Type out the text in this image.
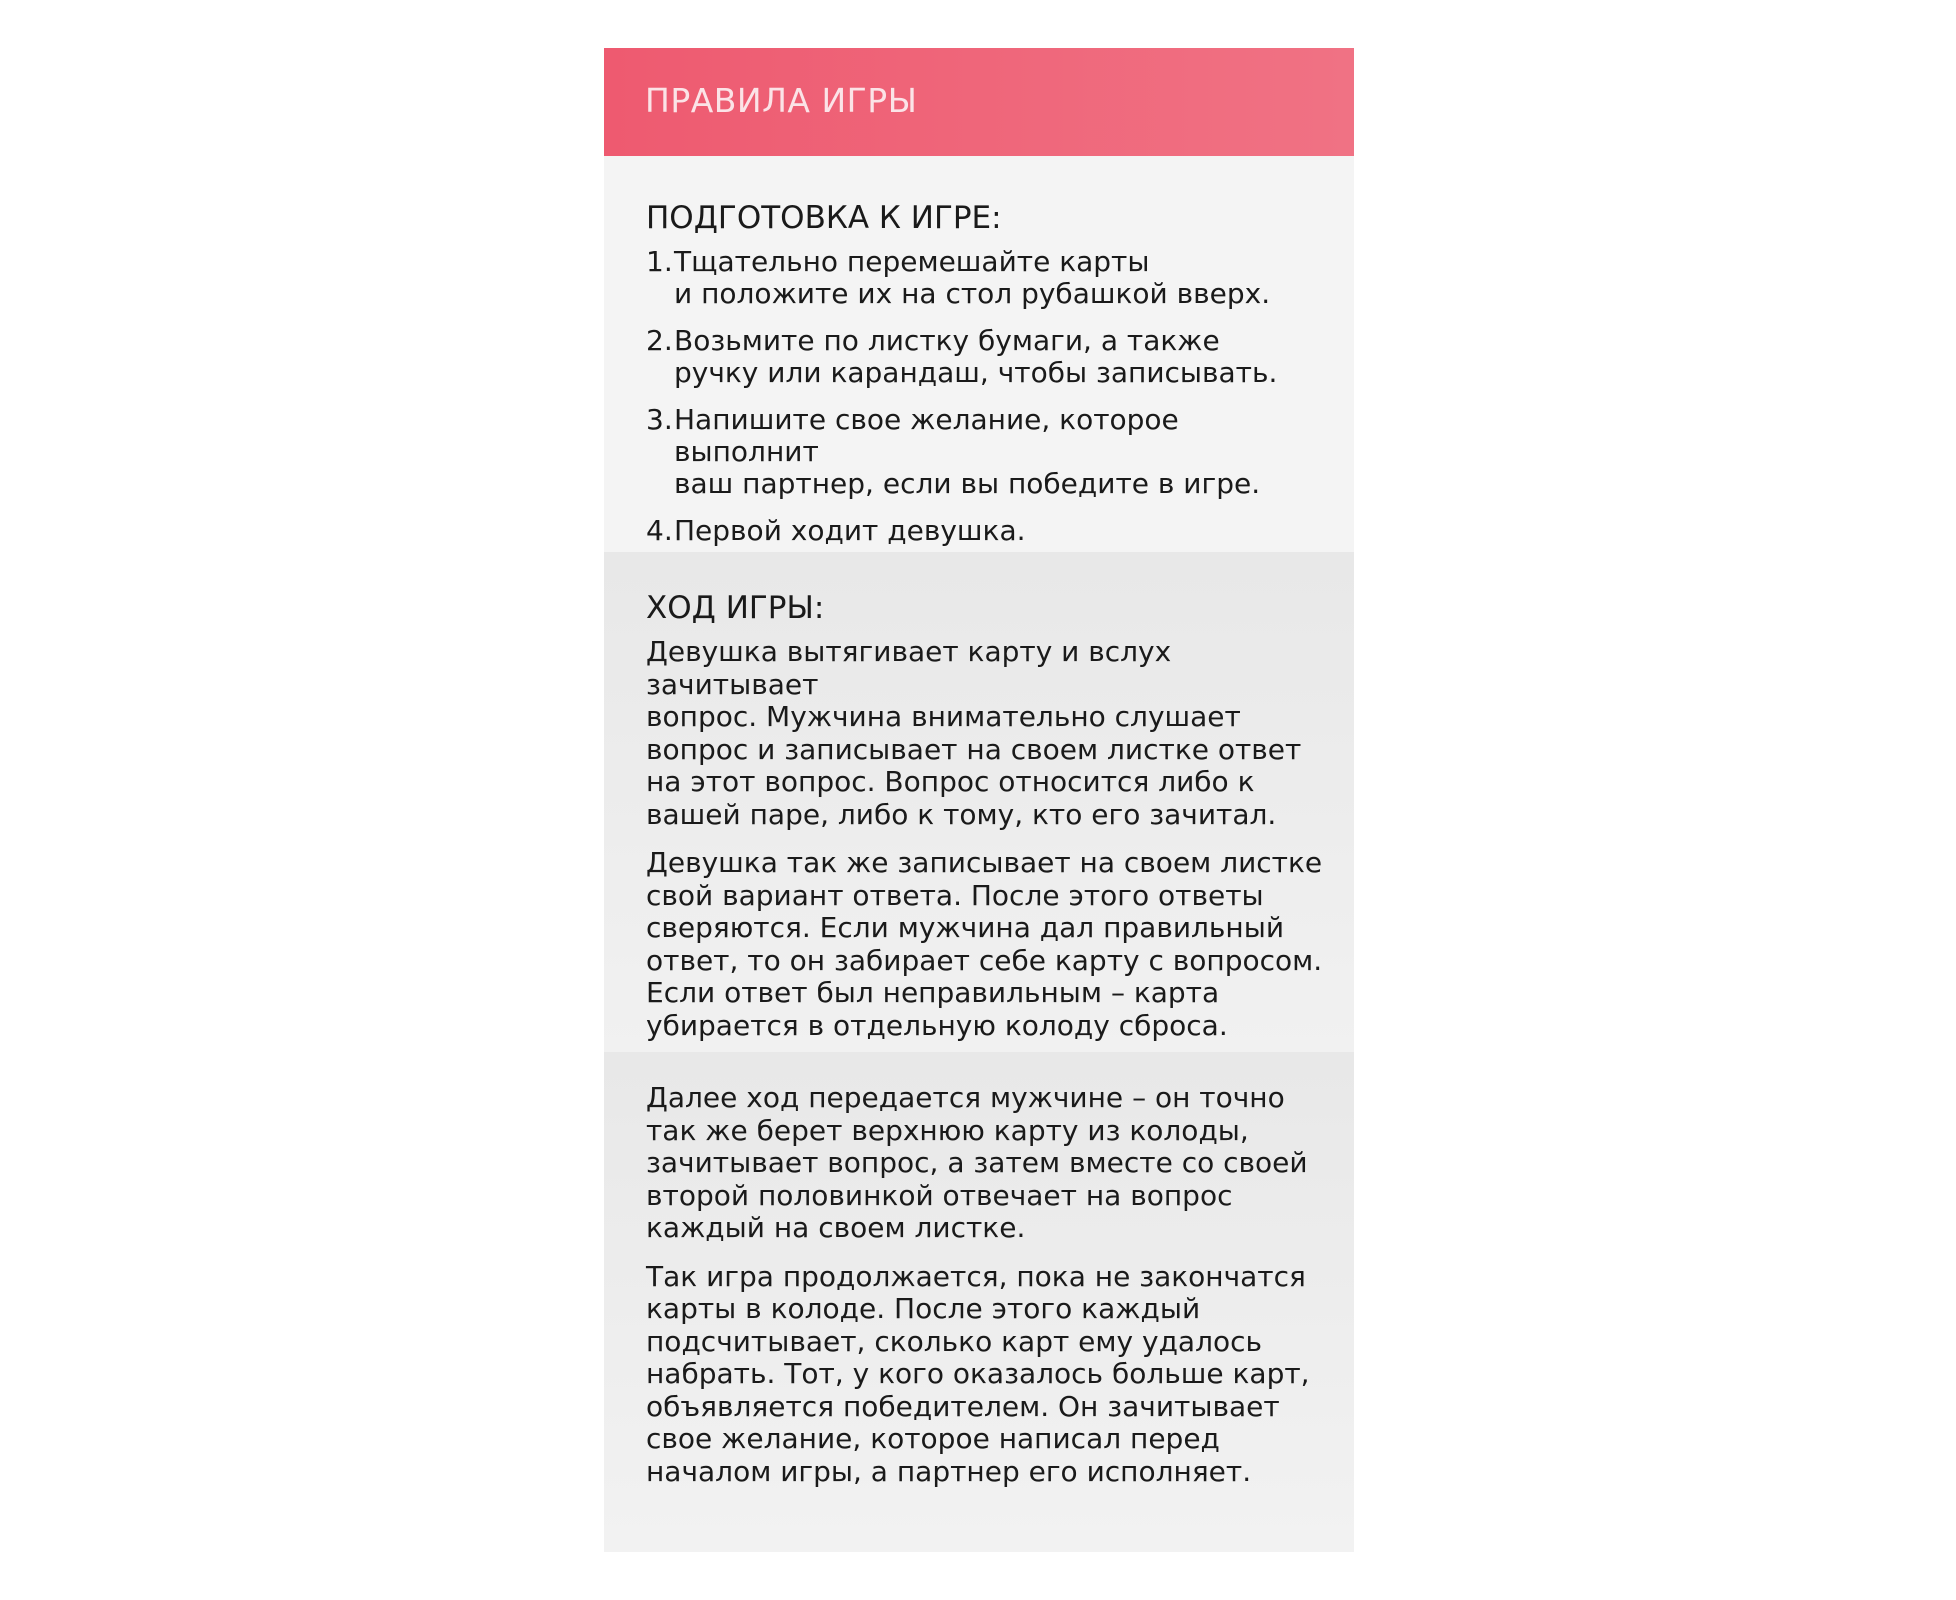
ПРАВИЛА ИГРЫ
ПОДГОТОВКА К ИГРЕ:
1. Тщательно перемешайте карты
и положите их на стол рубашкой вверх.
2. Возьмите по листку бумаги, а также
ручку или карандаш, чтобы записывать.
3. Напишите свое желание, которое выполнит
ваш партнер, если вы победите в игре.
4. Первой ходит девушка.
ХОД ИГРЫ:

Девушка вытягивает карту и вслух зачитывает
вопрос. Мужчина внимательно слушает
вопрос и записывает на своем листке ответ
на этот вопрос. Вопрос относится либо к
вашей паре, либо к тому, кто его зачитал.

Девушка так же записывает на своем листке
свой вариант ответа. После этого ответы
сверяются. Если мужчина дал правильный
ответ, то он забирает себе карту с вопросом.
Если ответ был неправильным – карта
убирается в отдельную колоду сброса.

Далее ход передается мужчине – он точно
так же берет верхнюю карту из колоды,
зачитывает вопрос, а затем вместе со своей
второй половинкой отвечает на вопрос
каждый на своем листке.

Так игра продолжается, пока не закончатся
карты в колоде. После этого каждый
подсчитывает, сколько карт ему удалось
набрать. Тот, у кого оказалось больше карт,
объявляется победителем. Он зачитывает
свое желание, которое написал перед
началом игры, а партнер его исполняет.
